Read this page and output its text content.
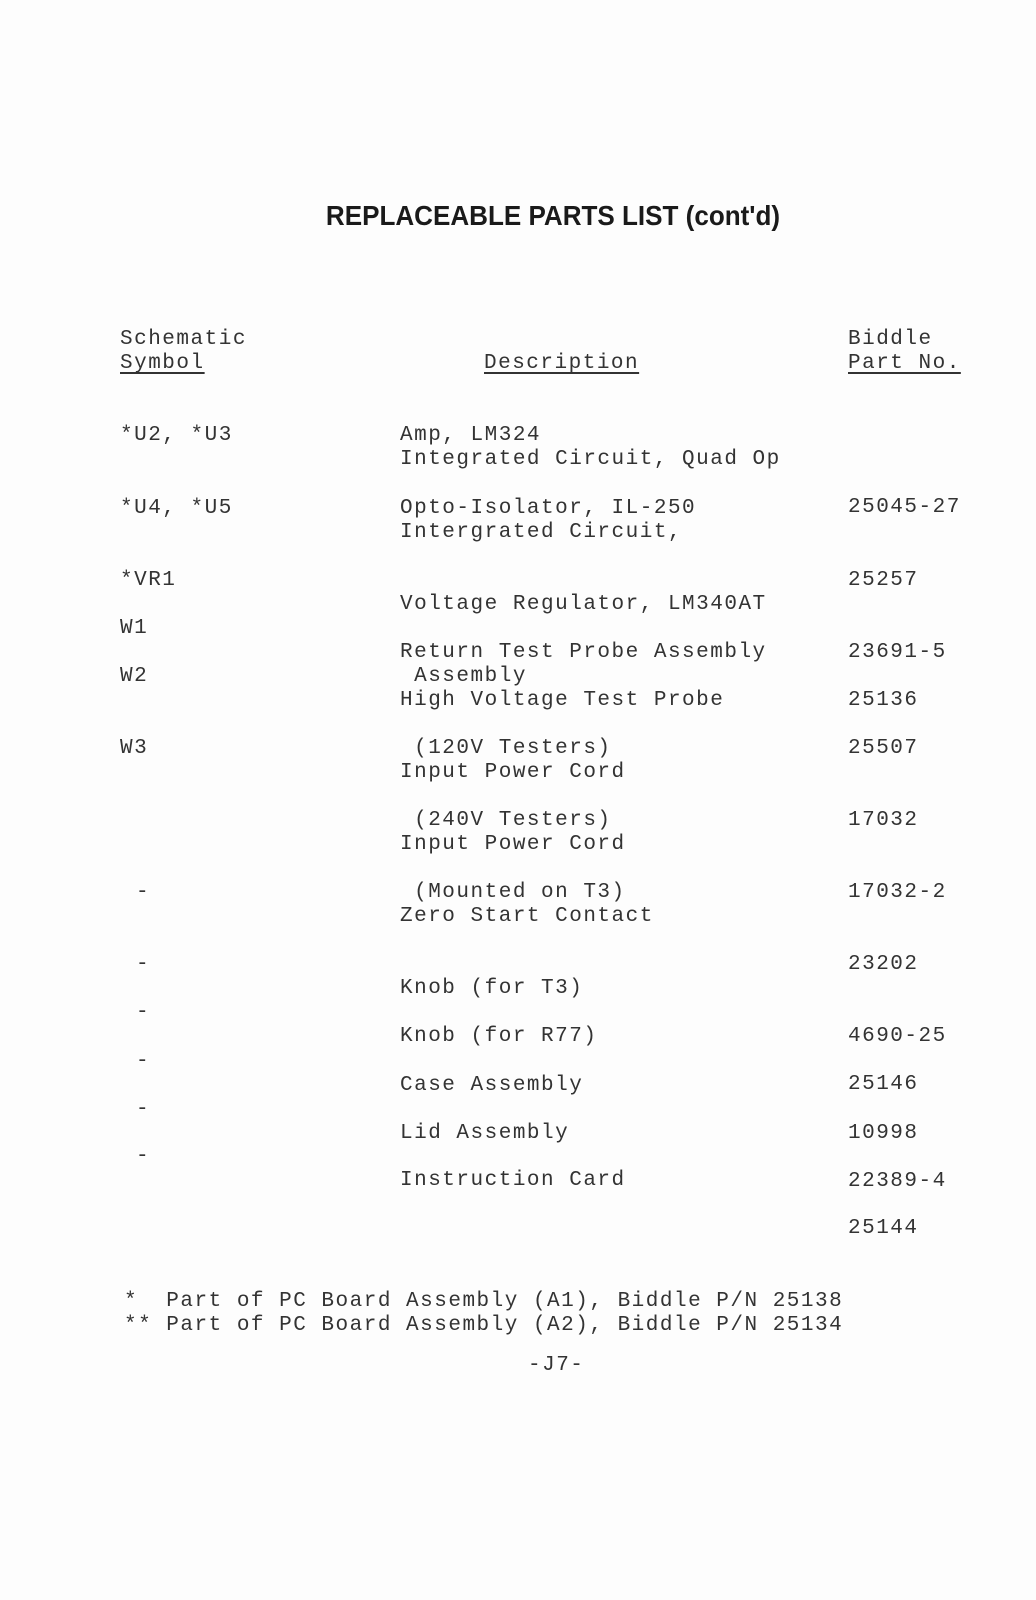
REPLACEABLE PARTS LIST (cont'd)
Schematic
Symbol	Description
Biddle
Part No.

*U2, *U3

Integrated Circuit, Quad Op

Amp, LM324

25045-27

*U4, *U5

Intergrated Circuit,

Opto-Isolator, IL-250

25257

*VR1

Voltage Regulator, LM340AT

23691-5

W1

Return Test Probe Assembly

25136

W2

High Voltage Test Probe

Assembly

25507

W3

Input Power Cord

(120V Testers)

17032

Input Power Cord

(240V Testers)

17032-2

-

Zero Start Contact

(Mounted on T3)

23202

-

Knob (for T3)

4690-25

-

Knob (for R77)

25146

-

Case Assembly

10998

-

Lid Assembly

22389-4

-

Instruction Card

25144

*  Part of PC Board Assembly (A1), Biddle P/N 25138
** Part of PC Board Assembly (A2), Biddle P/N 25134
-J7-
